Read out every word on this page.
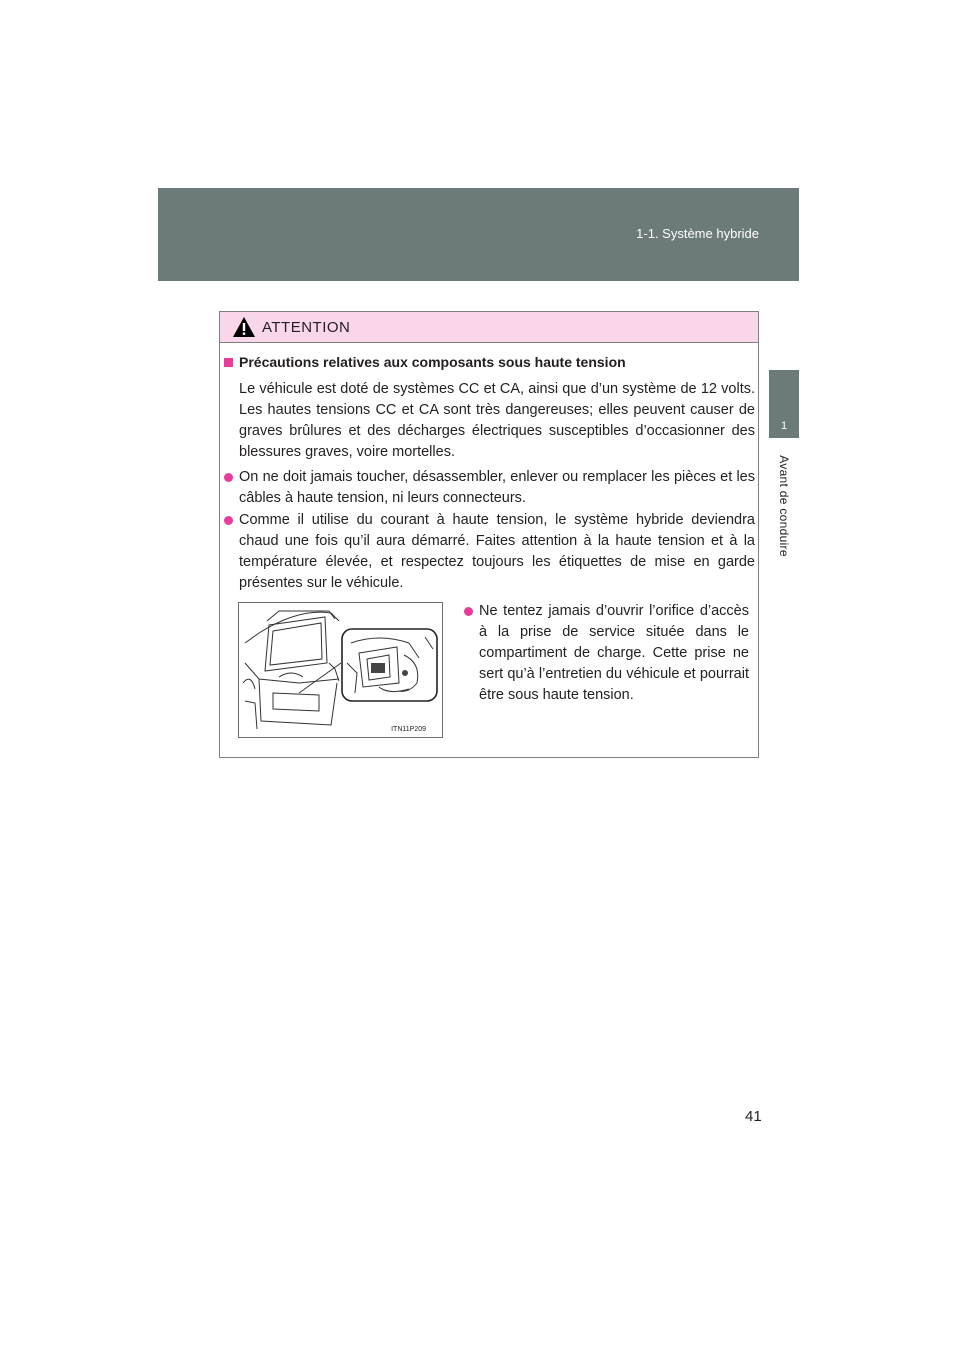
1-1. Système hybride
1
Avant de conduire
ATTENTION
Précautions relatives aux composants sous haute tension
Le véhicule est doté de systèmes CC et CA, ainsi que d’un système de 12 volts. Les hautes tensions CC et CA sont très dangereuses; elles peuvent causer de graves brûlures et des décharges électriques susceptibles d’occasionner des blessures graves, voire mortelles.
On ne doit jamais toucher, désassembler, enlever ou remplacer les pièces et les câbles à haute tension, ni leurs connecteurs.
Comme il utilise du courant à haute tension, le système hybride deviendra chaud une fois qu’il aura démarré. Faites attention à la haute tension et à la température élevée, et respectez toujours les étiquettes de mise en garde présentes sur le véhicule.
ITN11P209
Ne tentez jamais d’ouvrir l’orifice d’accès à la prise de service située dans le compartiment de charge. Cette prise ne sert qu’à l’entretien du véhicule et pourrait être sous haute tension.
41
